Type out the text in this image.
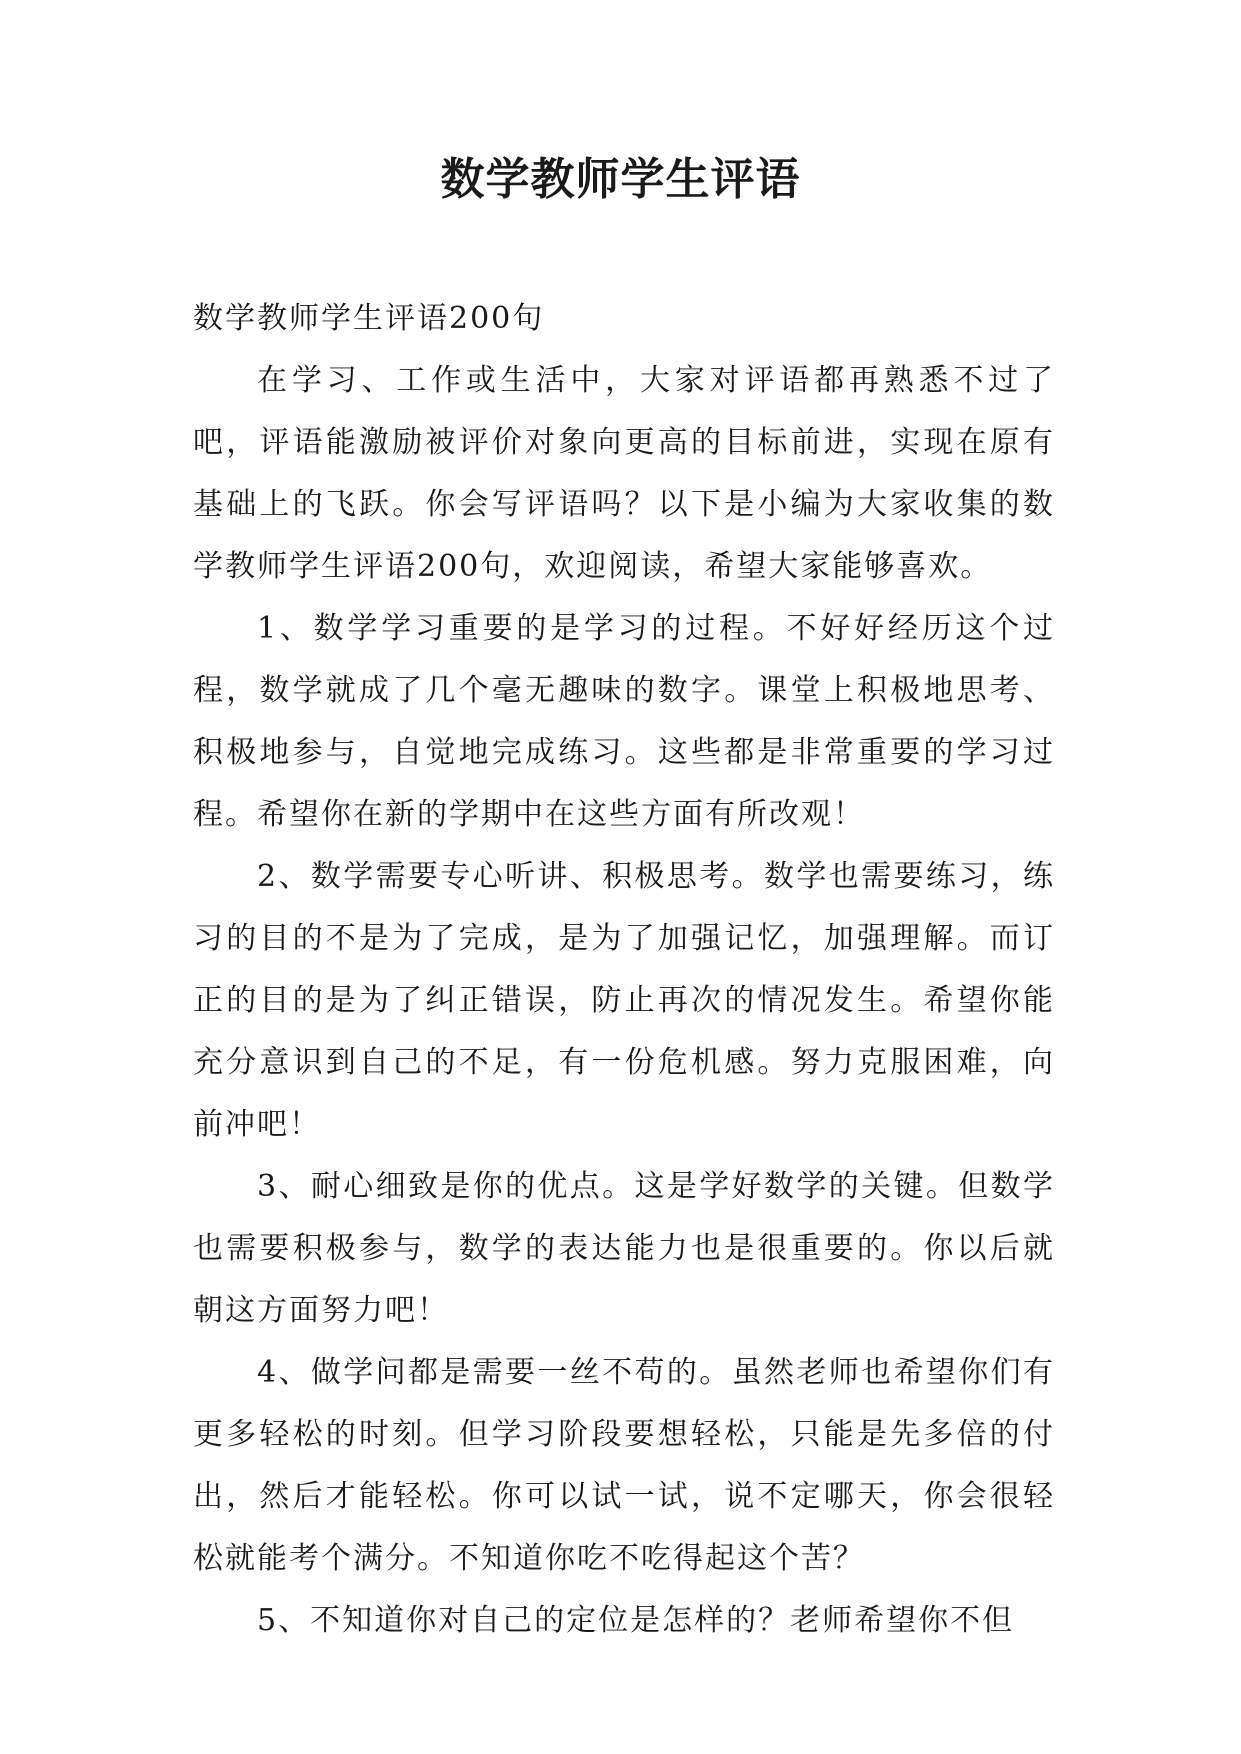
数学教师学生评语

数学教师学生评语200句

在学习、工作或生活中，大家对评语都再熟悉不过了吧，评语能激励被评价对象向更高的目标前进，实现在原有基础上的飞跃。你会写评语吗？以下是小编为大家收集的数学教师学生评语200句，欢迎阅读，希望大家能够喜欢。

1、数学学习重要的是学习的过程。不好好经历这个过程，数学就成了几个毫无趣味的数字。课堂上积极地思考、积极地参与，自觉地完成练习。这些都是非常重要的学习过程。希望你在新的学期中在这些方面有所改观！

2、数学需要专心听讲、积极思考。数学也需要练习，练习的目的不是为了完成，是为了加强记忆，加强理解。而订正的目的是为了纠正错误，防止再次的情况发生。希望你能充分意识到自己的不足，有一份危机感。努力克服困难，向前冲吧！

3、耐心细致是你的优点。这是学好数学的关键。但数学也需要积极参与，数学的表达能力也是很重要的。你以后就朝这方面努力吧！

4、做学问都是需要一丝不苟的。虽然老师也希望你们有更多轻松的时刻。但学习阶段要想轻松，只能是先多倍的付出，然后才能轻松。你可以试一试，说不定哪天，你会很轻松就能考个满分。不知道你吃不吃得起这个苦？

5、不知道你对自己的定位是怎样的？老师希望你不但
